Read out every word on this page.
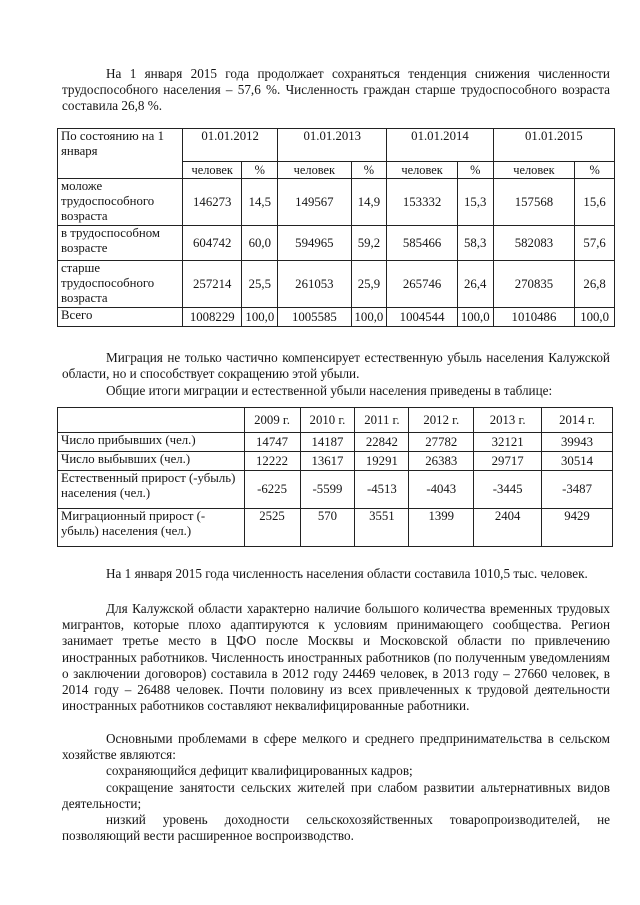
На 1 января 2015 года продолжает сохраняться тенденция снижения численности трудоспособного населения – 57,6 %. Численность граждан старше трудоспособного возраста составила 26,8 %.

По состоянию на 1 января	01.01.2012		01.01.2013		01.01.2014		01.01.2015	
	человек	%	человек	%	человек	%	человек	%
моложе трудоспособного возраста	146273	14,5	149567	14,9	153332	15,3	157568	15,6
в трудоспособном возрасте	604742	60,0	594965	59,2	585466	58,3	582083	57,6
старше трудоспособного возраста	257214	25,5	261053	25,9	265746	26,4	270835	26,8
Всего	1008229	100,0	1005585	100,0	1004544	100,0	1010486	100,0

Миграция не только частично компенсирует естественную убыль населения Калужской области, но и способствует сокращению этой убыли.

Общие итоги миграции и естественной убыли населения приведены в таблице:

	2009 г.	2010 г.	2011 г.	2012 г.	2013 г.	2014 г.
Число прибывших (чел.)	14747	14187	22842	27782	32121	39943
Число выбывших (чел.)	12222	13617	19291	26383	29717	30514
Естественный прирост (-убыль) населения (чел.)	-6225	-5599	-4513	-4043	-3445	-3487
Миграционный прирост (-убыль) населения (чел.)	2525	570	3551	1399	2404	9429

На 1 января 2015 года численность населения области составила 1010,5 тыс. человек.

Для Калужской области характерно наличие большого количества временных трудовых мигрантов, которые плохо адаптируются к условиям принимающего сообщества. Регион занимает третье место в ЦФО после Москвы и Московской области по привлечению иностранных работников. Численность иностранных работников (по полученным уведомлениям о заключении договоров) составила в 2012 году 24469 человек, в 2013 году – 27660 человек, в 2014 году – 26488 человек. Почти половину из всех привлеченных к трудовой деятельности иностранных работников составляют неквалифицированные работники.

Основными проблемами в сфере мелкого и среднего предпринимательства в сельском хозяйстве являются:

сохраняющийся дефицит квалифицированных кадров;

сокращение занятости сельских жителей при слабом развитии альтернативных видов деятельности;

низкий уровень доходности сельскохозяйственных товаропроизводителей, не позволяющий вести расширенное воспроизводство.
